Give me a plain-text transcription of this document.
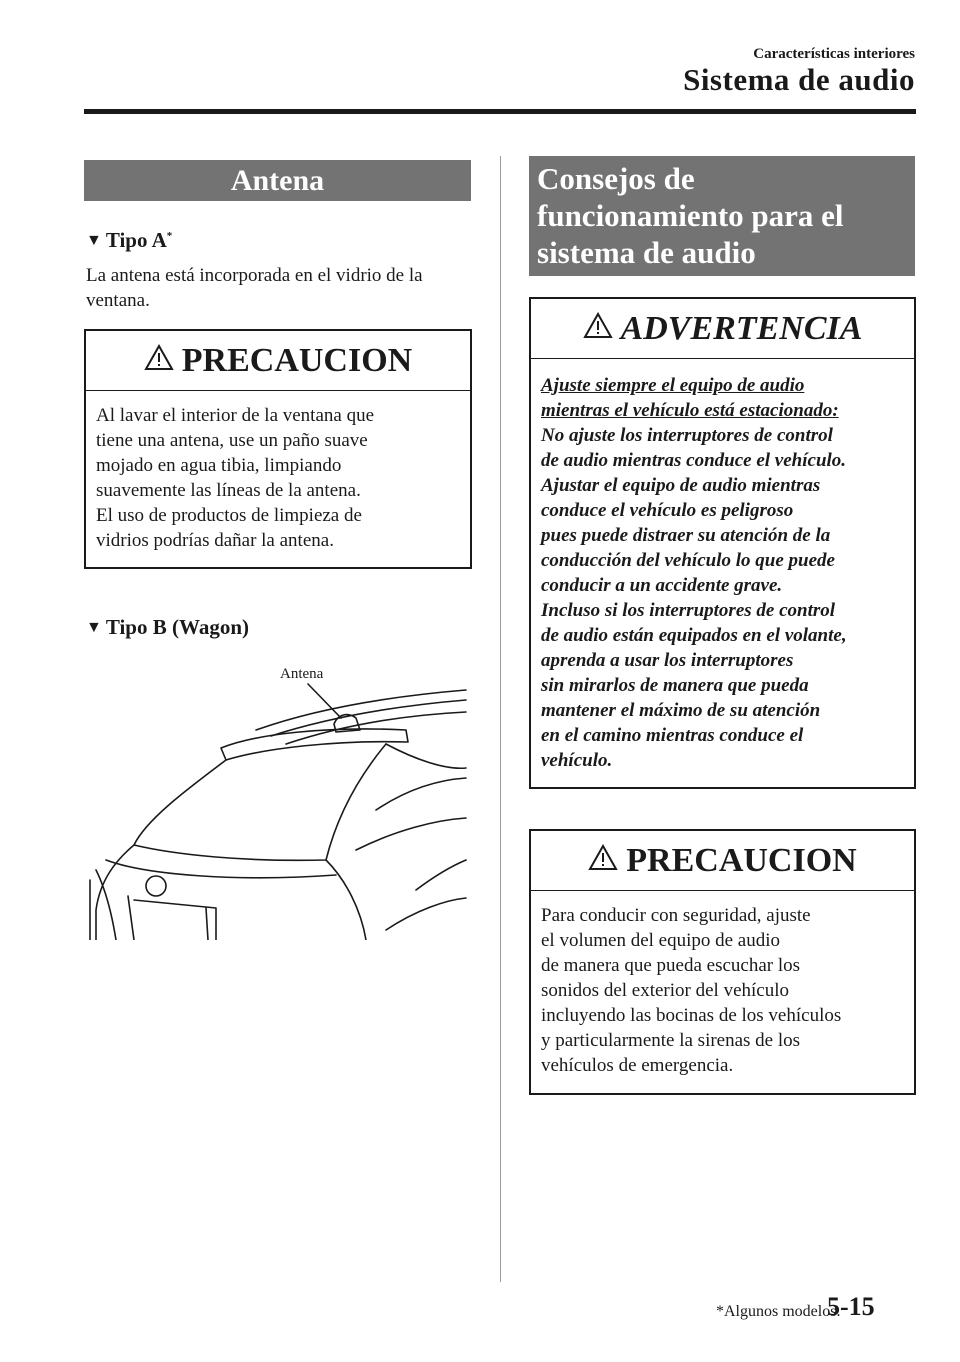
Características interiores
Sistema de audio
Antena
▼ Tipo A*
La antena está incorporada en el vidrio de la ventana.
PRECAUCION
Al lavar el interior de la ventana que
tiene una antena, use un paño suave
mojado en agua tibia, limpiando
suavemente las líneas de la antena.
El uso de productos de limpieza de
vidrios podrías dañar la antena.
▼ Tipo B (Wagon)
Antena
Consejos de
funcionamiento para el
sistema de audio
ADVERTENCIA
Ajuste siempre el equipo de audio
mientras el vehículo está estacionado:
No ajuste los interruptores de control
de audio mientras conduce el vehículo.
Ajustar el equipo de audio mientras
conduce el vehículo es peligroso
pues puede distraer su atención de la
conducción del vehículo lo que puede
conducir a un accidente grave.
Incluso si los interruptores de control
de audio están equipados en el volante,
aprenda a usar los interruptores
sin mirarlos de manera que pueda
mantener el máximo de su atención
en el camino mientras conduce el
vehículo.
PRECAUCION
Para conducir con seguridad, ajuste
el volumen del equipo de audio
de manera que pueda escuchar los
sonidos del exterior del vehículo
incluyendo las bocinas de los vehículos
y particularmente la sirenas de los
vehículos de emergencia.
*Algunos modelos.
5-15
